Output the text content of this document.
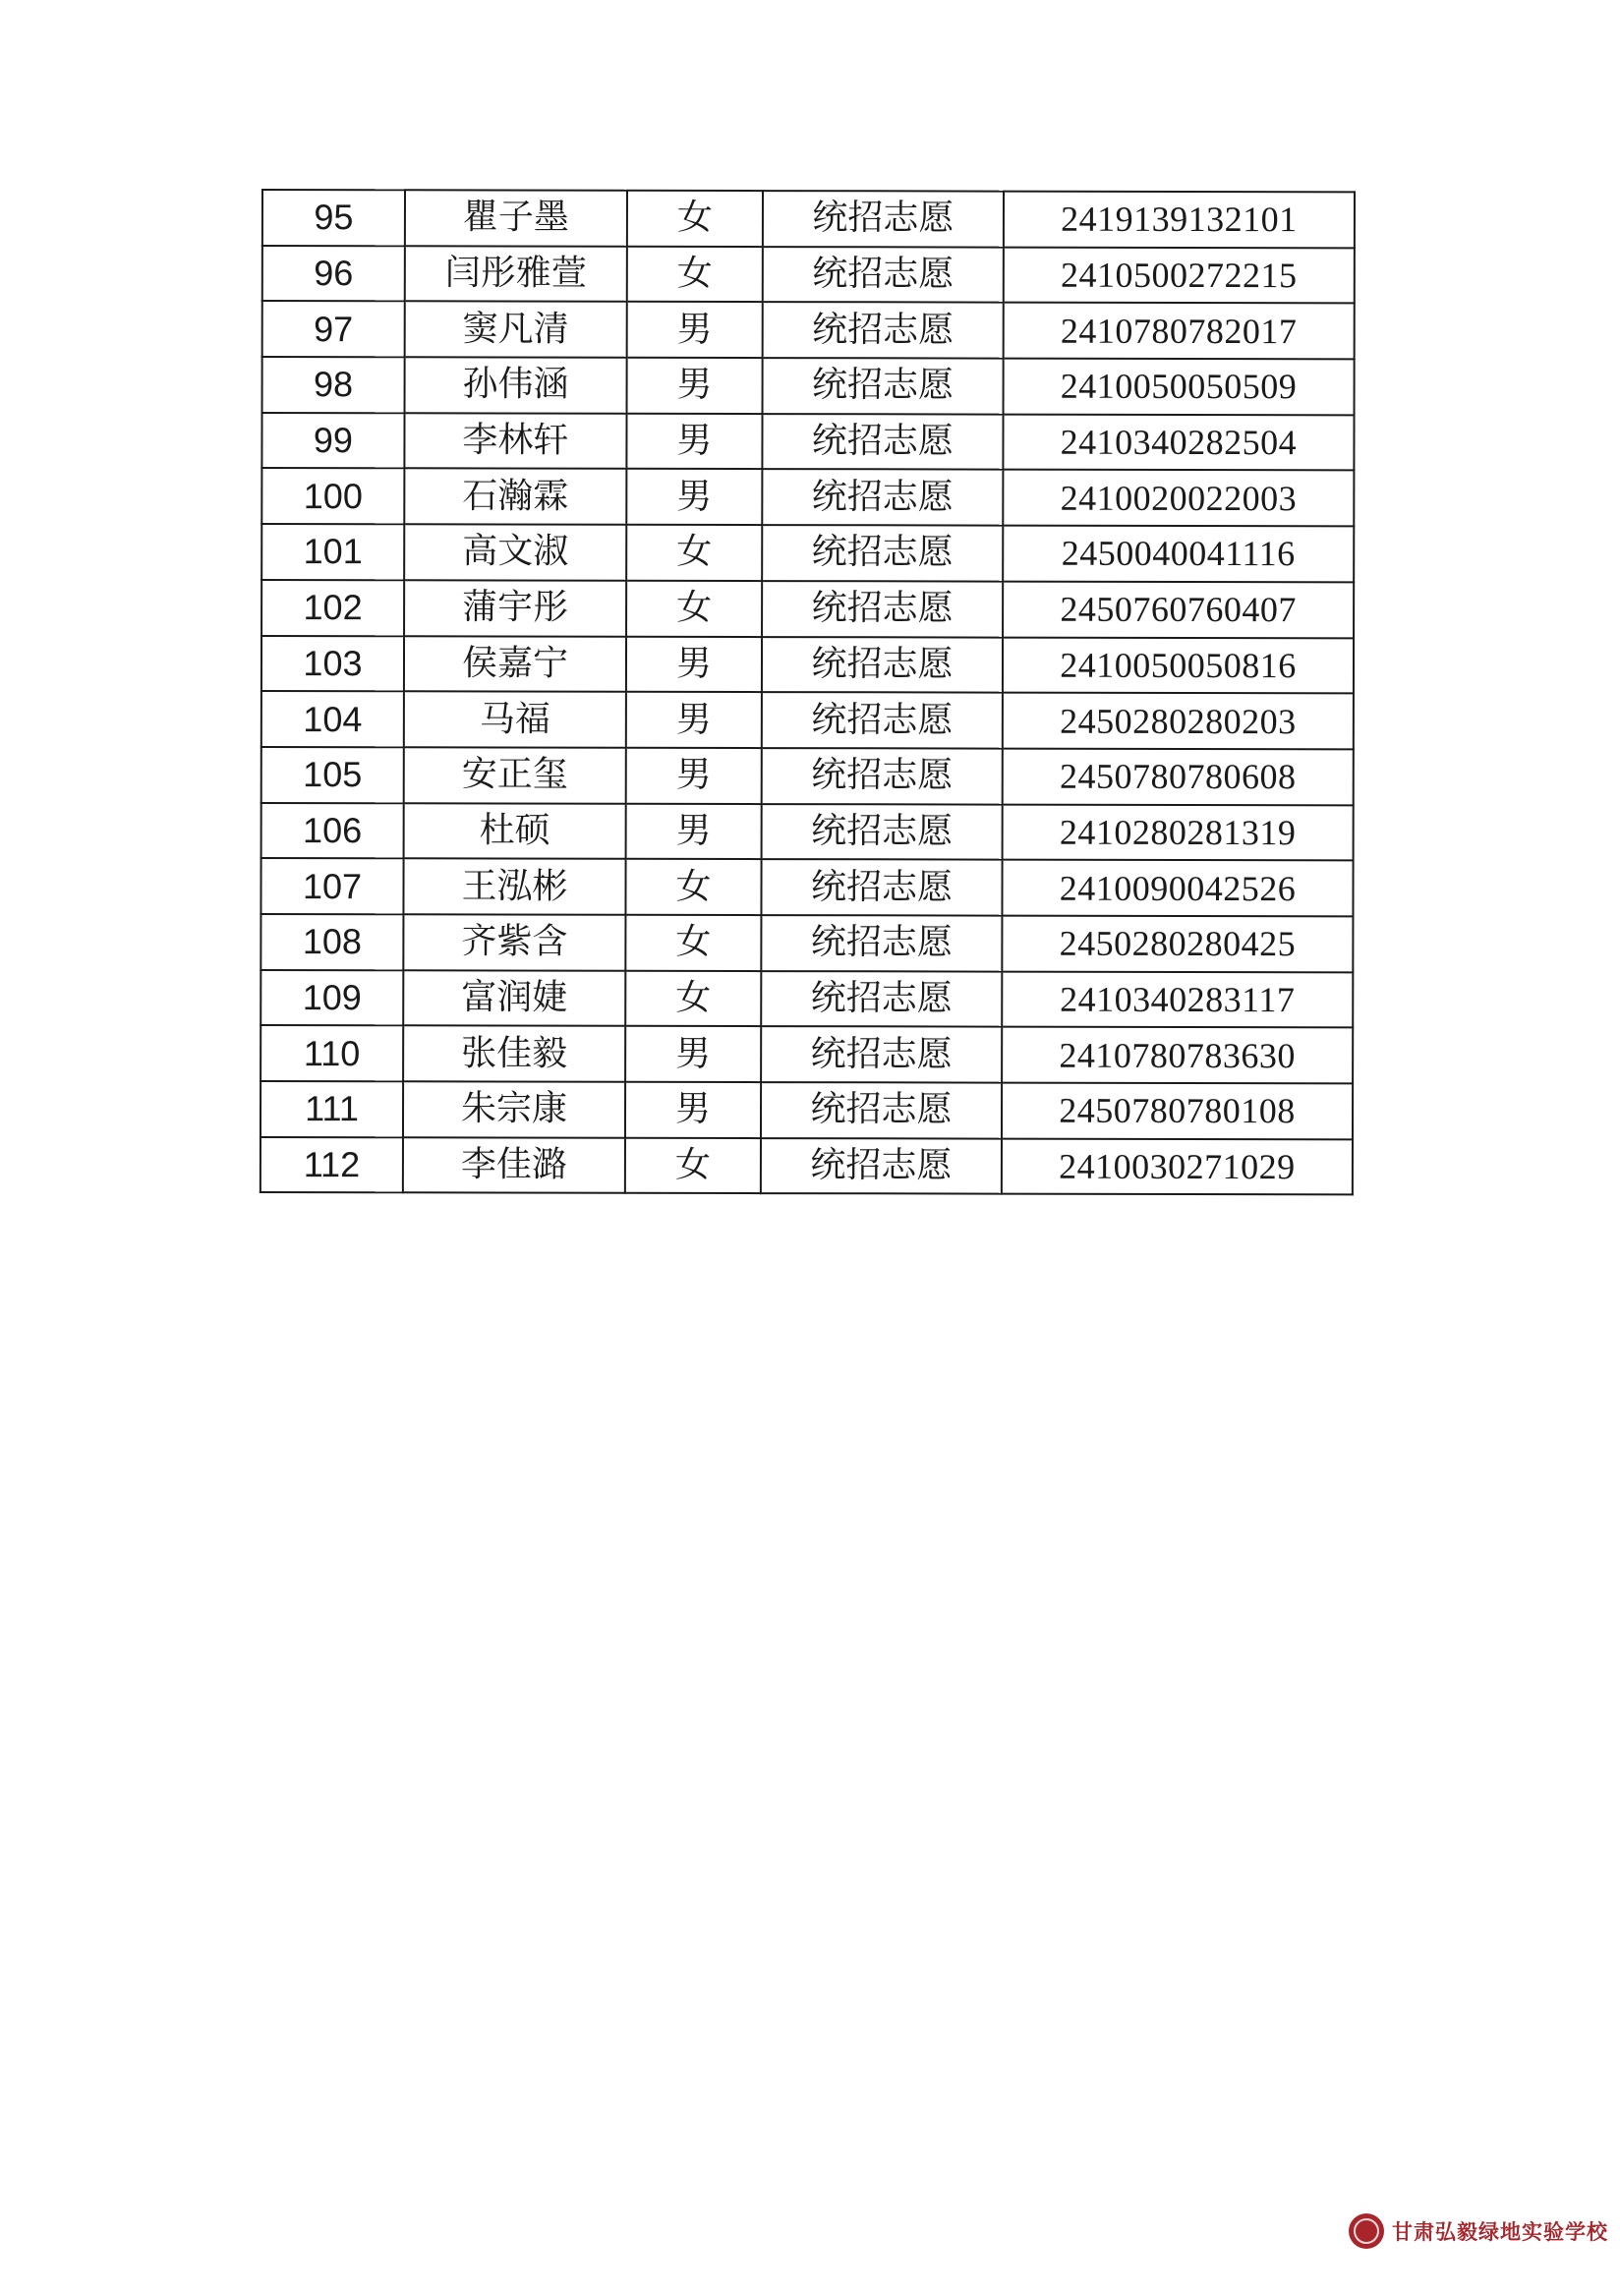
95	瞿子墨	女	统招志愿	2419139132101
96	闫彤雅萱	女	统招志愿	2410500272215
97	窦凡清	男	统招志愿	2410780782017
98	孙伟涵	男	统招志愿	2410050050509
99	李林轩	男	统招志愿	2410340282504
100	石瀚霖	男	统招志愿	2410020022003
101	高文淑	女	统招志愿	2450040041116
102	蒲宇彤	女	统招志愿	2450760760407
103	侯嘉宁	男	统招志愿	2410050050816
104	马福	男	统招志愿	2450280280203
105	安正玺	男	统招志愿	2450780780608
106	杜硕	男	统招志愿	2410280281319
107	王泓彬	女	统招志愿	2410090042526
108	齐紫含	女	统招志愿	2450280280425
109	富润婕	女	统招志愿	2410340283117
110	张佳毅	男	统招志愿	2410780783630
111	朱宗康	男	统招志愿	2450780780108
112	李佳潞	女	统招志愿	2410030271029
甘肃弘毅绿地实验学校
